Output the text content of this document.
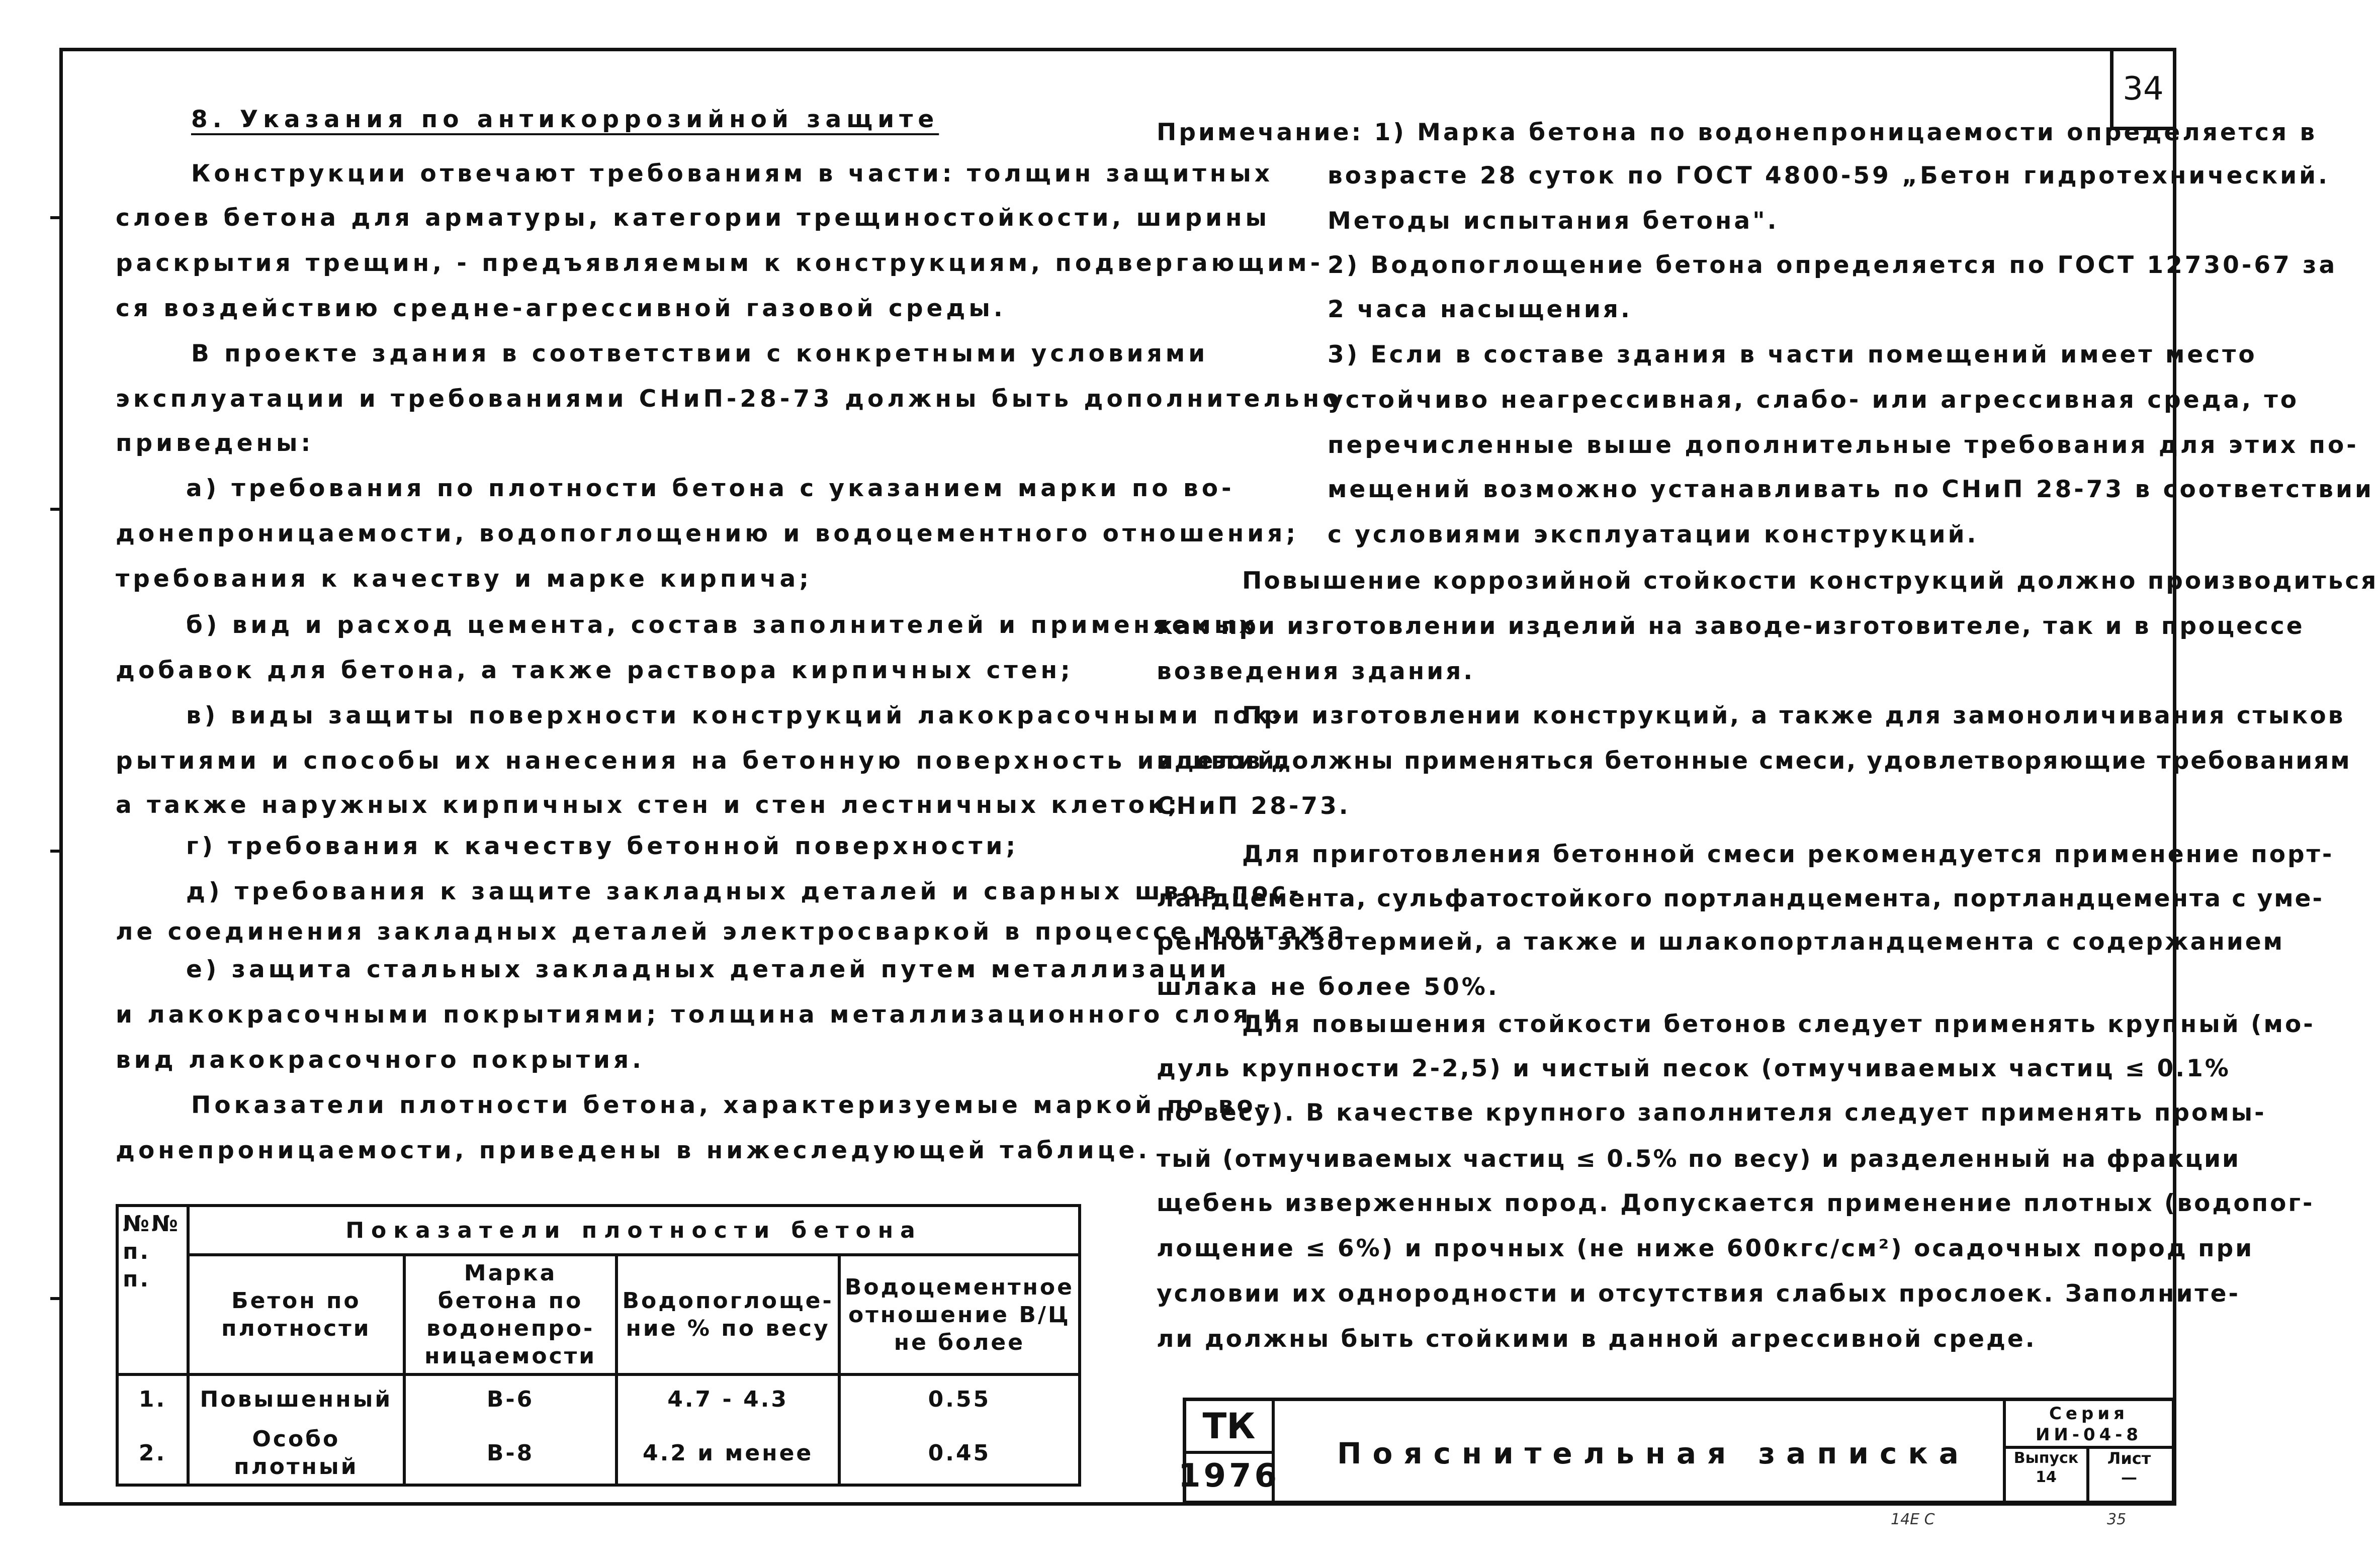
34
8. Указания по антикоррозийной защите
Конструкции отвечают требованиям в части: толщин защитных
слоев бетона для арматуры, категории трещиностойкости, ширины
раскрытия трещин, - предъявляемым к конструкциям, подвергающим-
ся воздействию средне-агрессивной газовой среды.
В проекте здания в соответствии с конкретными условиями
эксплуатации и требованиями СНиП-28-73 должны быть дополнительно
приведены:
а) требования по плотности бетона с указанием марки по во-
донепроницаемости, водопоглощению и водоцементного отношения;
требования к качеству и марке кирпича;
б) вид и расход цемента, состав заполнителей и применяемых
добавок для бетона, а также раствора кирпичных стен;
в) виды защиты поверхности конструкций лакокрасочными пок-
рытиями и способы их нанесения на бетонную поверхность изделий,
а также наружных кирпичных стен и стен лестничных клеток;
г) требования к качеству бетонной поверхности;
д) требования к защите закладных деталей и сварных швов пос-
ле соединения закладных деталей электросваркой в процессе монтажа
е) защита стальных закладных деталей путем металлизации
и лакокрасочными покрытиями; толщина металлизационного слоя и
вид лакокрасочного покрытия.
Показатели плотности бетона, характеризуемые маркой по во-
донепроницаемости, приведены в нижеследующей таблице.
№№ п. п.	Показатели плотности бетона			
	Бетон по плотности	Марка бетона по водонепро-ницаемости	Водопоглоще-ние % по весу	Водоцементное отношение В/Ц не более
1.	Повышенный	В-6	4.7 - 4.3	0.55
2.	Особо плотный	В-8	4.2 и менее	0.45
Примечание: 1) Марка бетона по водонепроницаемости определяется в
возрасте 28 суток по ГОСТ 4800-59 „Бетон гидротехнический.
Методы испытания бетона".
2) Водопоглощение бетона определяется по ГОСТ 12730-67 за
2 часа насыщения.
3) Если в составе здания в части помещений имеет место
устойчиво неагрессивная, слабо- или агрессивная среда, то
перечисленные выше дополнительные требования для этих по-
мещений возможно устанавливать по СНиП 28-73 в соответствии
с условиями эксплуатации конструкций.
Повышение коррозийной стойкости конструкций должно производиться
как при изготовлении изделий на заводе-изготовителе, так и в процессе
возведения здания.
При изготовлении конструкций, а также для замоноличивания стыков
и швов должны применяться бетонные смеси, удовлетворяющие требованиям
СНиП 28-73.
Для приготовления бетонной смеси рекомендуется применение порт-
ландцемента, сульфатостойкого портландцемента, портландцемента с уме-
ренной экзотермией, а также и шлакопортландцемента с содержанием
шлака не более 50%.
Для повышения стойкости бетонов следует применять крупный (мо-
дуль крупности 2-2,5) и чистый песок (отмучиваемых частиц ≤ 0.1%
по весу). В качестве крупного заполнителя следует применять промы-
тый (отмучиваемых частиц ≤ 0.5% по весу) и разделенный на фракции
щебень изверженных пород. Допускается применение плотных (водопог-
лощение ≤ 6%) и прочных (не ниже 600кгс/см²) осадочных пород при
условии их однородности и отсутствия слабых прослоек. Заполните-
ли должны быть стойкими в данной агрессивной среде.
ТК
1976
Пояснительная записка
Серия
ИИ-04-8
Выпуск
14
Лист
—
14Е С	35
